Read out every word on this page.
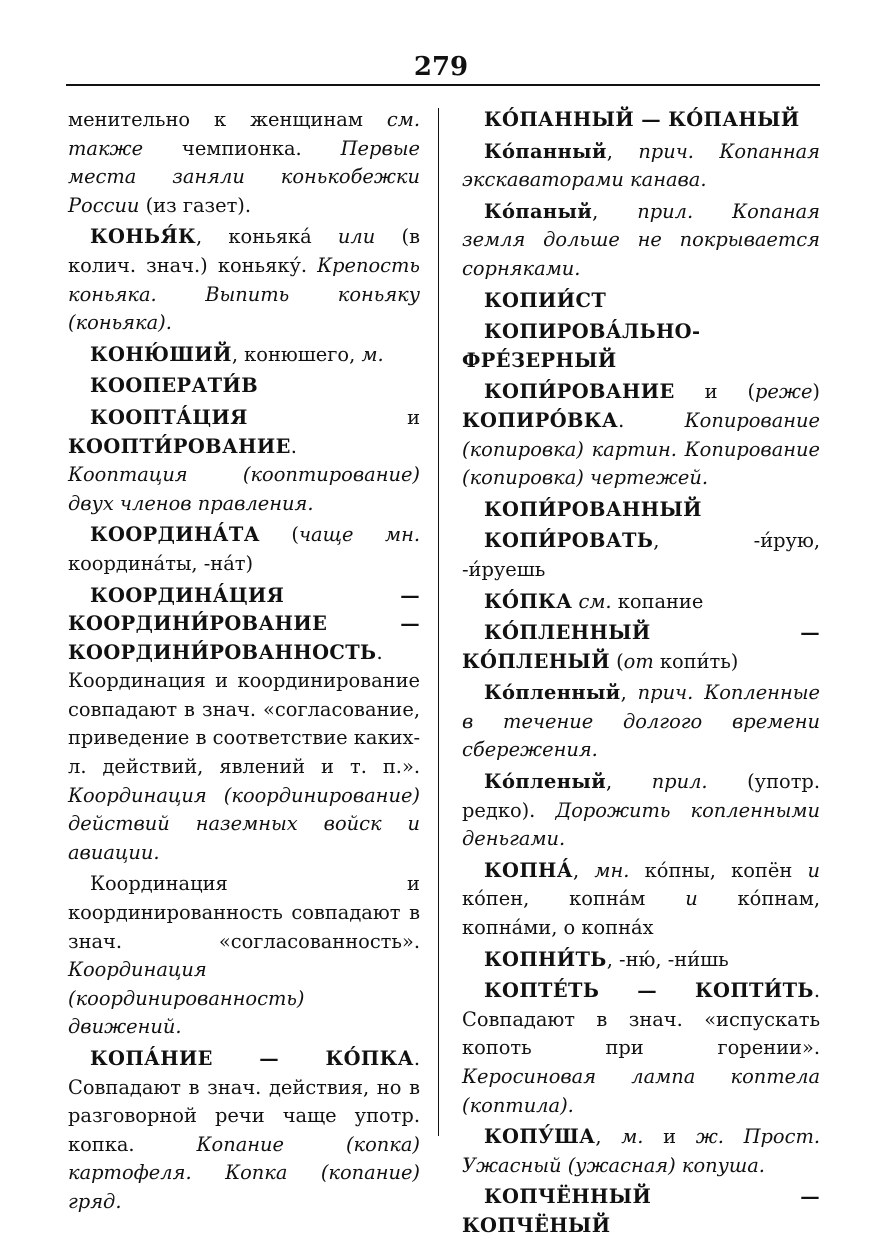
279

менительно к женщинам см. также чемпионка. Первые места заняли конькобежки России (из газет).

КОНЬЯ́К, коньяка́ или (в колич. знач.) коньяку́. Крепость коньяка. Выпить коньяку (коньяка).

КОНЮ́ШИЙ, конюшего, м.

КООПЕРАТИ́В

КООПТА́ЦИЯ и КООПТИ́РОВАНИЕ. Кооптация (кооптирование) двух членов правления.

КООРДИНА́ТА (чаще мн. координа́ты, -на́т)

КООРДИНА́ЦИЯ — КООРДИНИ́РОВАНИЕ — КООРДИНИ́РОВАННОСТЬ. Координация и координирование совпадают в знач. «согласование, приведение в соответствие каких-л. действий, явлений и т. п.». Координация (координирование) действий наземных войск и авиации.

Координация и координированность совпадают в знач. «согласованность». Координация (координированность) движений.

КОПА́НИЕ — КО́ПКА. Совпадают в знач. действия, но в разговорной речи чаще употр. копка. Копание (копка) картофеля. Копка (копание) гряд.

КО́ПАННЫЙ — КО́ПАНЫЙ

Ко́панный, прич. Копанная экскаваторами канава.

Ко́паный, прил. Копаная земля дольше не покрывается сорняками.

КОПИИ́СТ

КОПИРОВА́ЛЬНО-ФРЕ́ЗЕРНЫЙ

КОПИ́РОВАНИЕ и (реже) КОПИРО́ВКА. Копирование (копировка) картин. Копирование (копировка) чертежей.

КОПИ́РОВАННЫЙ

КОПИ́РОВАТЬ, -и́рую, -и́руешь

КО́ПКА см. копание

КО́ПЛЕННЫЙ — КО́ПЛЕНЫЙ (от копи́ть)

Ко́пленный, прич. Копленные в течение долгого времени сбережения.

Ко́пленый, прил. (употр. редко). Дорожить копленными деньгами.

КОПНА́, мн. ко́пны, копён и ко́пен, копна́м и ко́пнам, копна́ми, о копна́х

КОПНИ́ТЬ, -ню́, -ни́шь

КОПТЕ́ТЬ — КОПТИ́ТЬ. Совпадают в знач. «испускать копоть при горении». Керосиновая лампа коптела (коптила).

КОПУ́ША, м. и ж. Прост. Ужасный (ужасная) копуша.

КОПЧЁННЫЙ — КОПЧЁНЫЙ
